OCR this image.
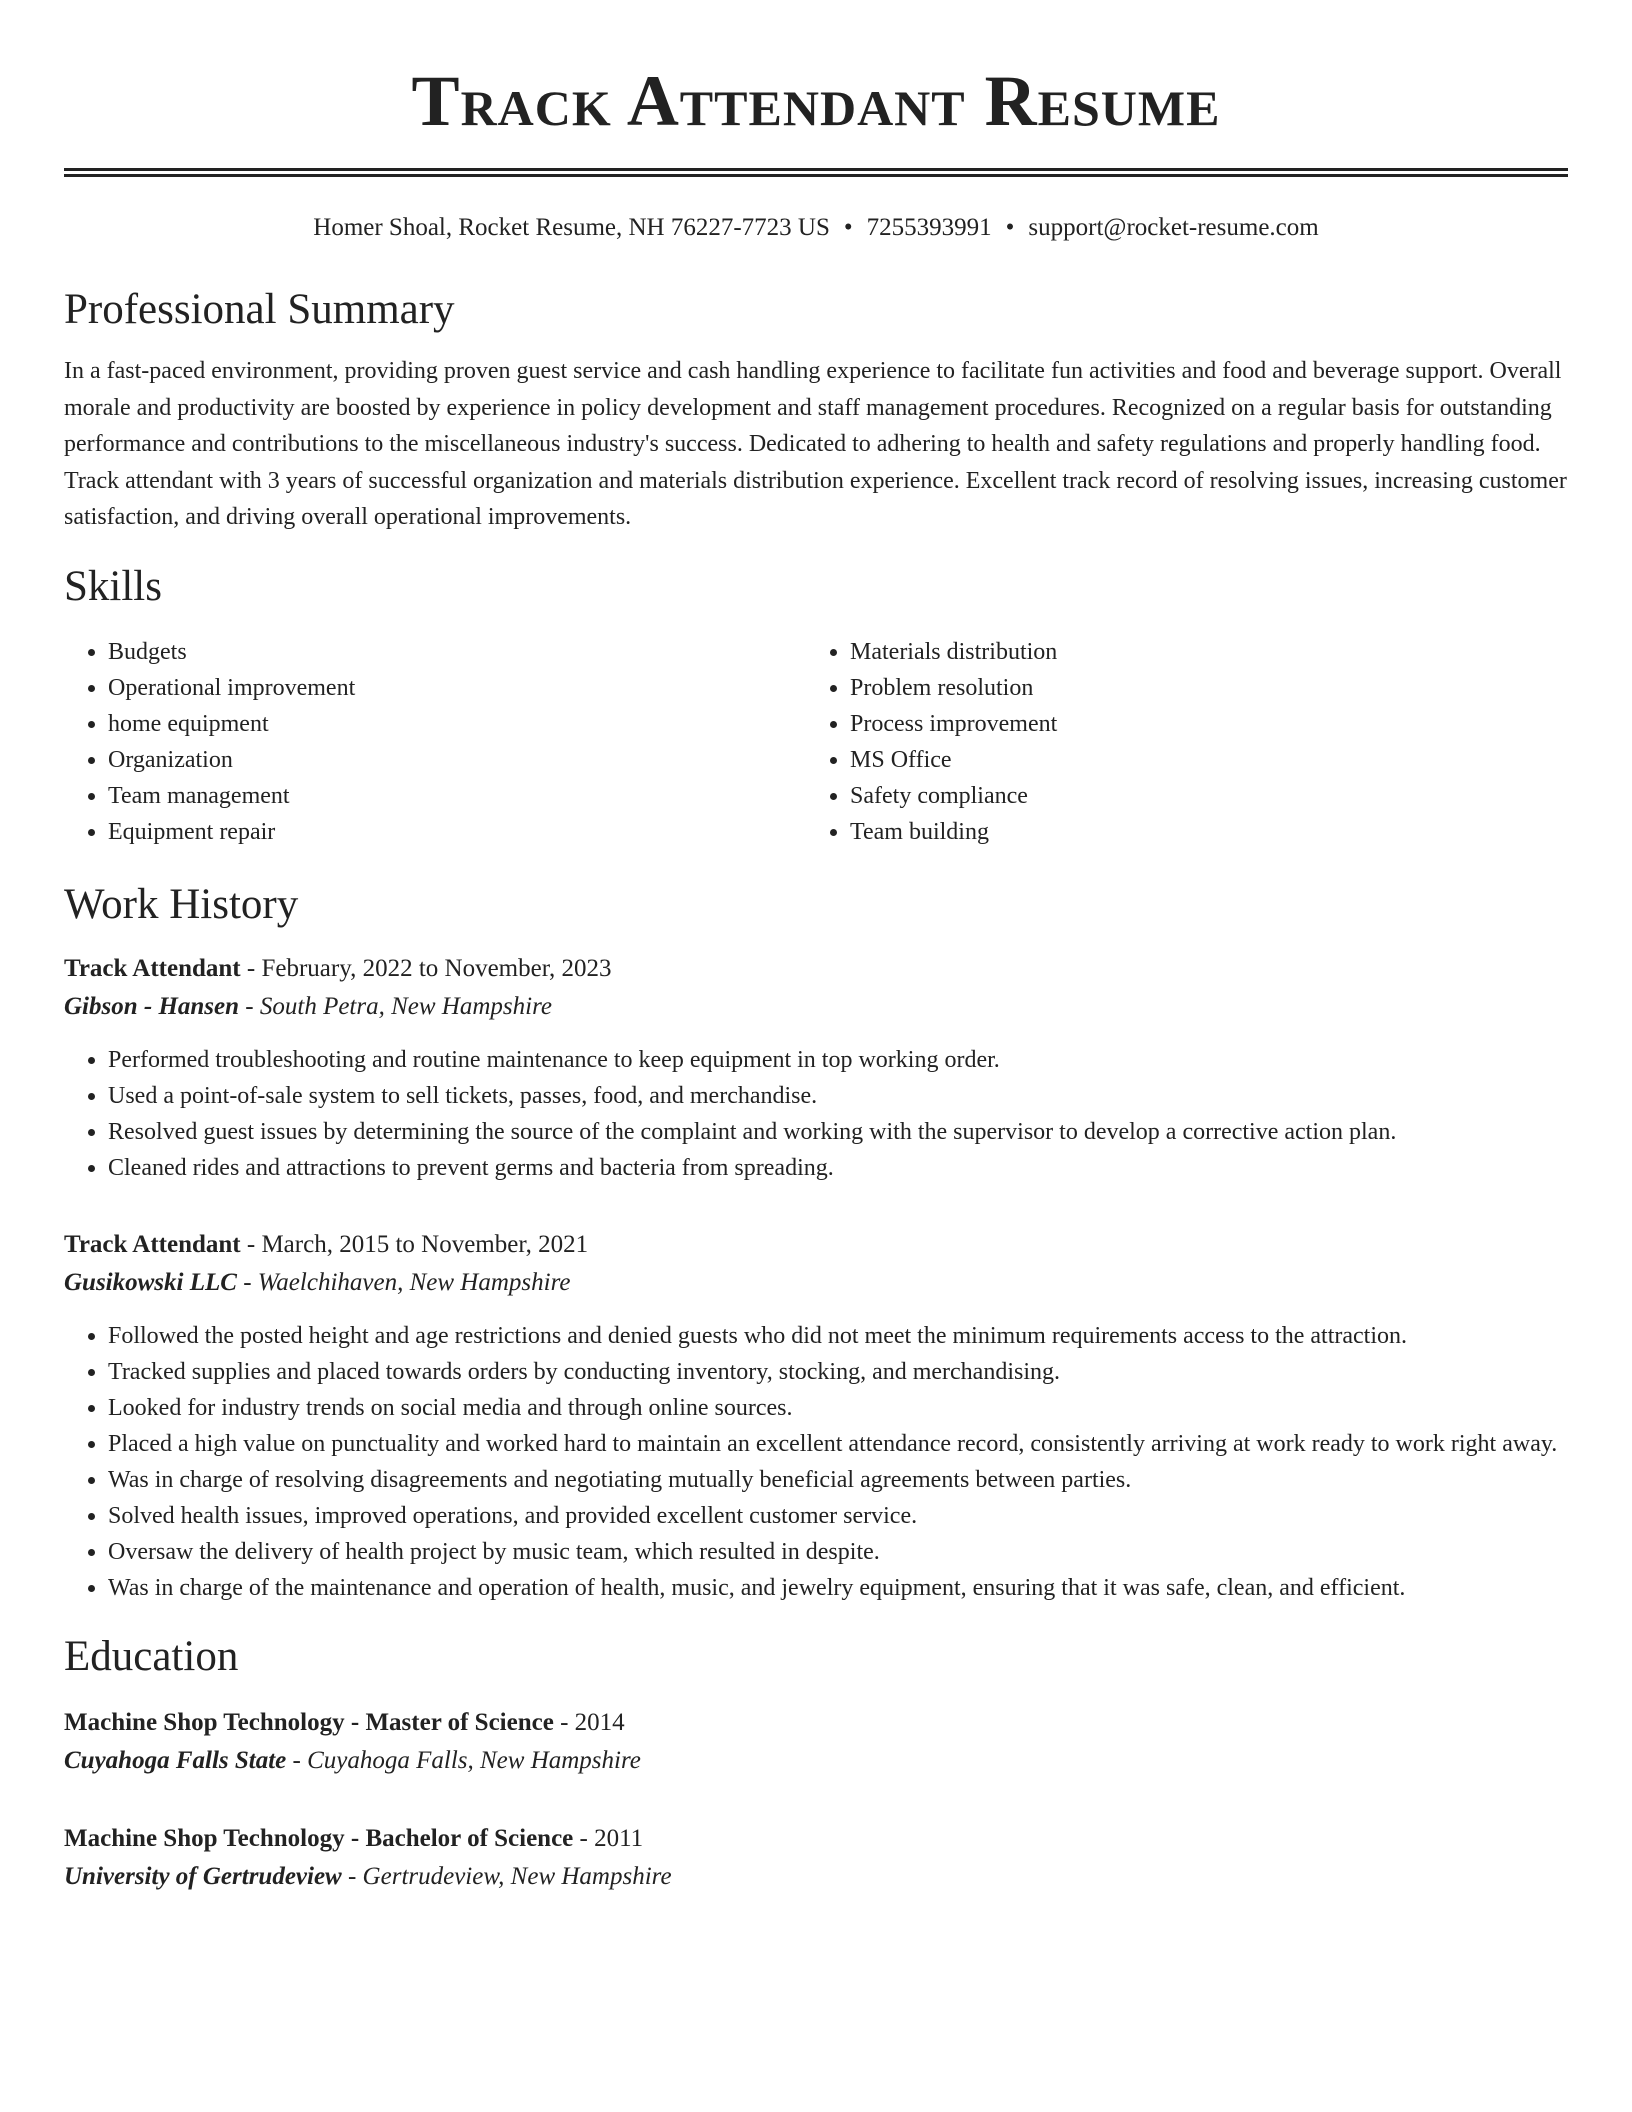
Track Attendant Resume
Homer Shoal, Rocket Resume, NH 76227-7723 US • 7255393991 • support@rocket-resume.com
Professional Summary

In a fast-paced environment, providing proven guest service and cash handling experience to facilitate fun activities and food and beverage support. Overall morale and productivity are boosted by experience in policy development and staff management procedures. Recognized on a regular basis for outstanding performance and contributions to the miscellaneous industry's success. Dedicated to adhering to health and safety regulations and properly handling food. Track attendant with 3 years of successful organization and materials distribution experience. Excellent track record of resolving issues, increasing customer satisfaction, and driving overall operational improvements.

Skills
• Budgets
• Operational improvement
• home equipment
• Organization
• Team management
• Equipment repair
• Materials distribution
• Problem resolution
• Process improvement
• MS Office
• Safety compliance
• Team building
Work History
Track Attendant - February, 2022 to November, 2023
Gibson - Hansen - South Petra, New Hampshire
• Performed troubleshooting and routine maintenance to keep equipment in top working order.
• Used a point-of-sale system to sell tickets, passes, food, and merchandise.
• Resolved guest issues by determining the source of the complaint and working with the supervisor to develop a corrective action plan.
• Cleaned rides and attractions to prevent germs and bacteria from spreading.
Track Attendant - March, 2015 to November, 2021
Gusikowski LLC - Waelchihaven, New Hampshire
• Followed the posted height and age restrictions and denied guests who did not meet the minimum requirements access to the attraction.
• Tracked supplies and placed towards orders by conducting inventory, stocking, and merchandising.
• Looked for industry trends on social media and through online sources.
• Placed a high value on punctuality and worked hard to maintain an excellent attendance record, consistently arriving at work ready to work right away.
• Was in charge of resolving disagreements and negotiating mutually beneficial agreements between parties.
• Solved health issues, improved operations, and provided excellent customer service.
• Oversaw the delivery of health project by music team, which resulted in despite.
• Was in charge of the maintenance and operation of health, music, and jewelry equipment, ensuring that it was safe, clean, and efficient.
Education
Machine Shop Technology - Master of Science - 2014
Cuyahoga Falls State - Cuyahoga Falls, New Hampshire
Machine Shop Technology - Bachelor of Science - 2011
University of Gertrudeview - Gertrudeview, New Hampshire
